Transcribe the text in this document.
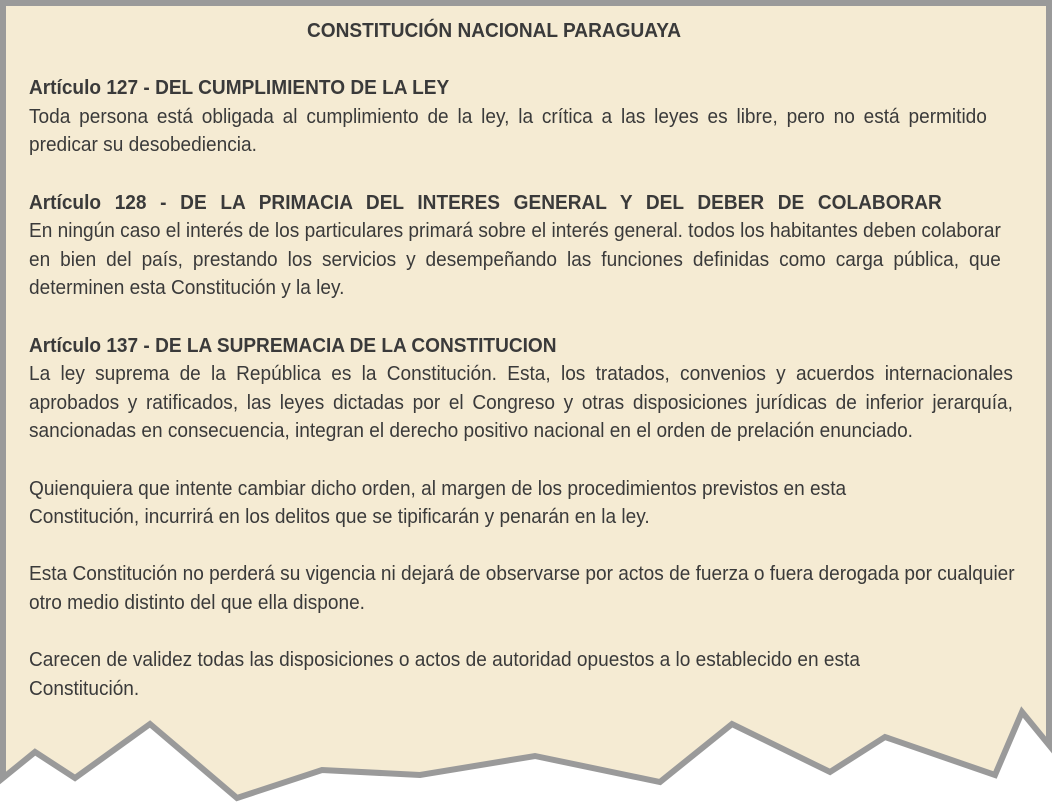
CONSTITUCIÓN NACIONAL PARAGUAYA
Artículo 127 - DEL CUMPLIMIENTO DE LA LEY
Toda persona está obligada al cumplimiento de la ley, la crítica a las leyes es libre, pero no está permitido predicar su desobediencia.
Artículo 128 - DE LA PRIMACIA DEL INTERES GENERAL Y DEL DEBER DE COLABORAR
En ningún caso el interés de los particulares primará sobre el interés general. todos los habitantes deben colaborar en bien del país, prestando los servicios y desempeñando las funciones definidas como carga pública, que determinen esta Constitución y la ley.
Artículo 137 - DE LA SUPREMACIA DE LA CONSTITUCION
La ley suprema de la República es la Constitución. Esta, los tratados, convenios y acuerdos internacionales aprobados y ratificados, las leyes dictadas por el Congreso y otras disposiciones jurídicas de inferior jerarquía, sancionadas en consecuencia, integran el derecho positivo nacional en el orden de prelación enunciado.
Quienquiera que intente cambiar dicho orden, al margen de los procedimientos previstos en esta Constitución, incurrirá en los delitos que se tipificarán y penarán en la ley.
Esta Constitución no perderá su vigencia ni dejará de observarse por actos de fuerza o fuera derogada por cualquier otro medio distinto del que ella dispone.
Carecen de validez todas las disposiciones o actos de autoridad opuestos a lo establecido en esta Constitución.
